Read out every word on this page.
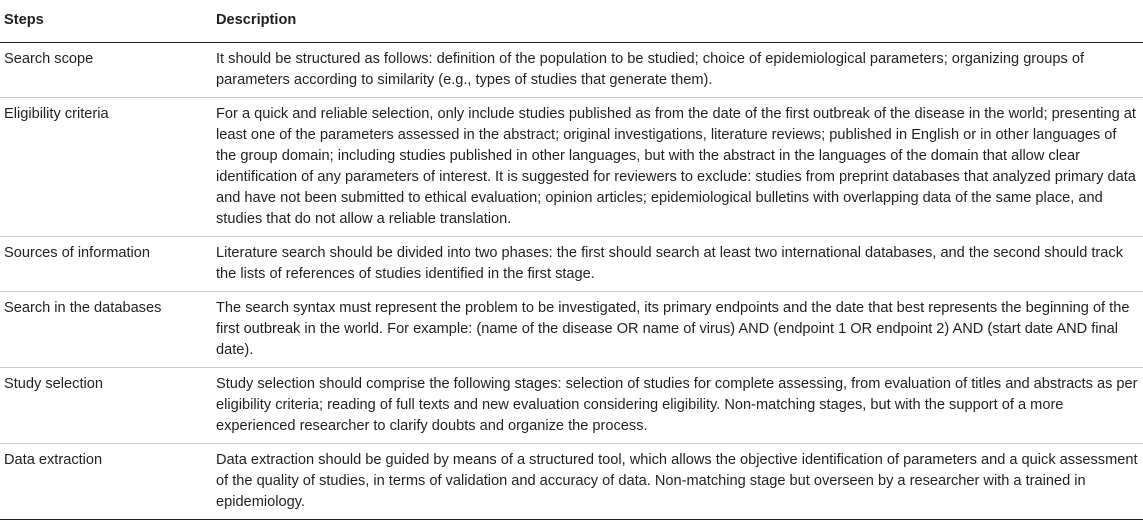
Steps	Description
Search scope	It should be structured as follows: definition of the population to be studied; choice of epidemiological parameters; organizing groups of parameters according to similarity (e.g., types of studies that generate them).
Eligibility criteria	For a quick and reliable selection, only include studies published as from the date of the first outbreak of the disease in the world; presenting at least one of the parameters assessed in the abstract; original investigations, literature reviews; published in English or in other languages of the group domain; including studies published in other languages, but with the abstract in the languages of the domain that allow clear identification of any parameters of interest. It is suggested for reviewers to exclude: studies from preprint databases that analyzed primary data and have not been submitted to ethical evaluation; opinion articles; epidemiological bulletins with overlapping data of the same place, and studies that do not allow a reliable translation.
Sources of information	Literature search should be divided into two phases: the first should search at least two international databases, and the second should track the lists of references of studies identified in the first stage.
Search in the databases	The search syntax must represent the problem to be investigated, its primary endpoints and the date that best represents the beginning of the first outbreak in the world. For example: (name of the disease OR name of virus) AND (endpoint 1 OR endpoint 2) AND (start date AND final date).
Study selection	Study selection should comprise the following stages: selection of studies for complete assessing, from evaluation of titles and abstracts as per eligibility criteria; reading of full texts and new evaluation considering eligibility. Non-matching stages, but with the support of a more experienced researcher to clarify doubts and organize the process.
Data extraction	Data extraction should be guided by means of a structured tool, which allows the objective identification of parameters and a quick assessment of the quality of studies, in terms of validation and accuracy of data. Non-matching stage but overseen by a researcher with a trained in epidemiology.
